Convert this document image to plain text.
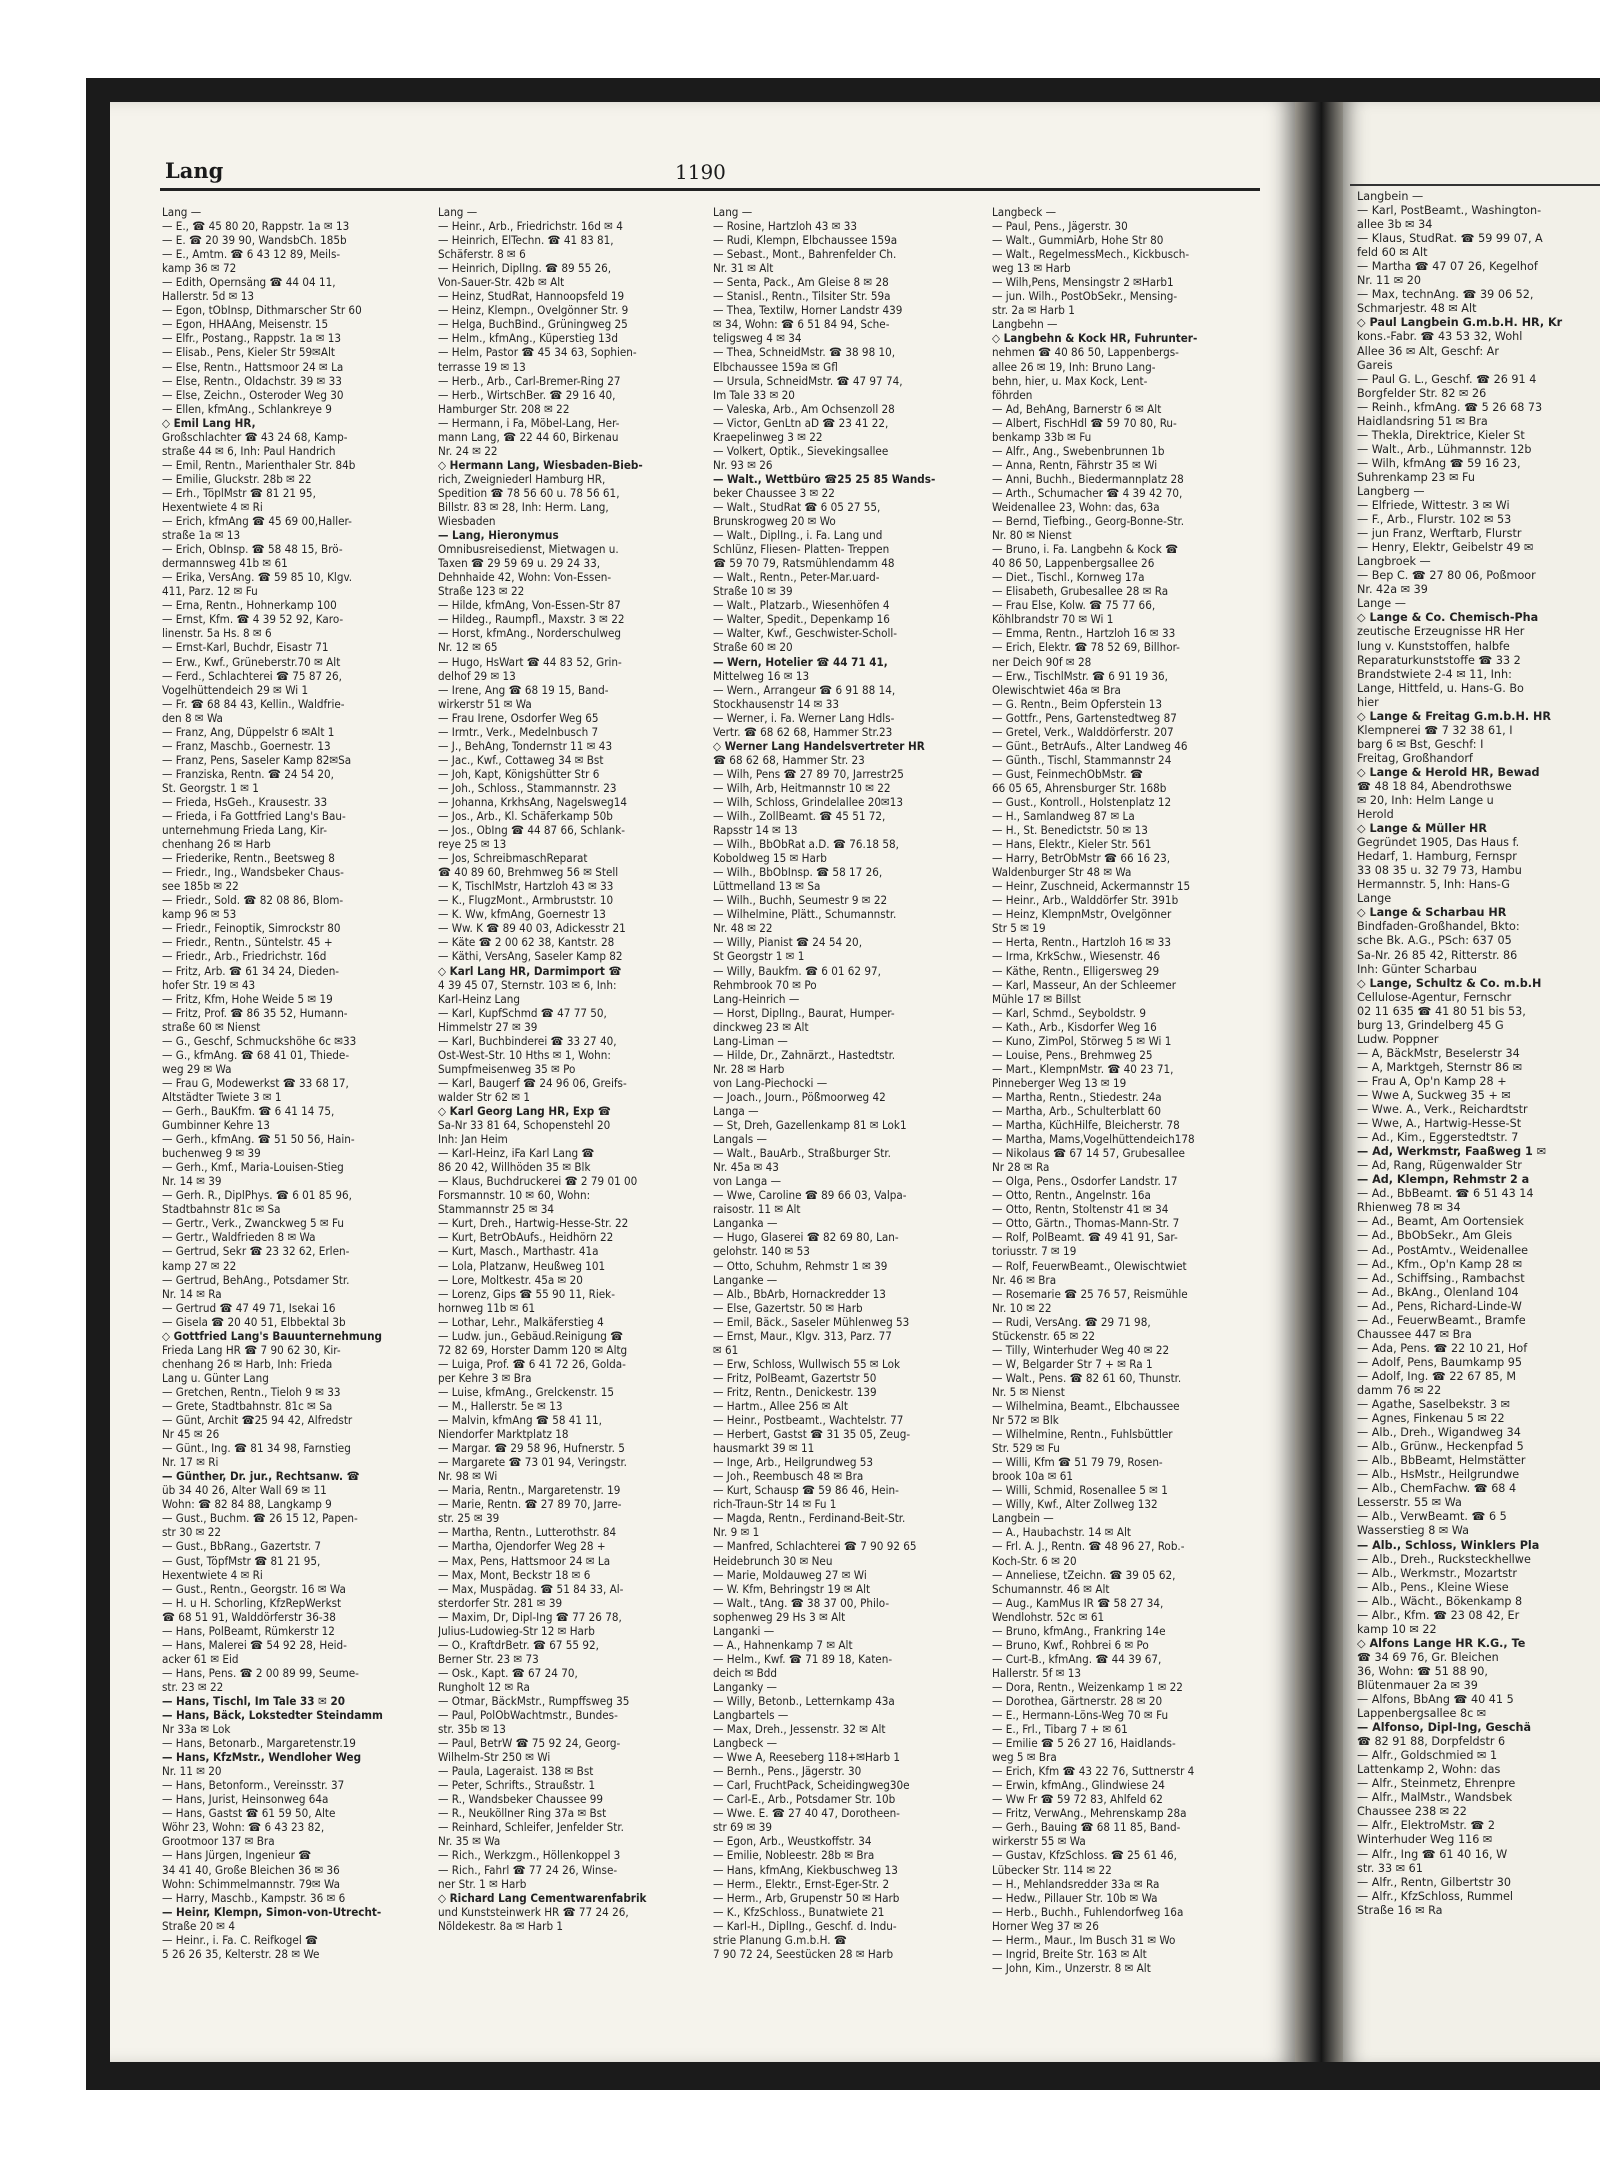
Lang	1190
Lang —
— E., ☎ 45 80 20, Rappstr. 1a ✉ 13
— E. ☎ 20 39 90, WandsbCh. 185b
— E., Amtm. ☎ 6 43 12 89, Meils-
kamp 36 ✉ 72
— Edith, Opernsäng ☎ 44 04 11,
Hallerstr. 5d ✉ 13
— Egon, tObInsp, Dithmarscher Str 60
— Egon, HHAAng, Meisenstr. 15
— Elfr., Postang., Rappstr. 1a ✉ 13
— Elisab., Pens, Kieler Str 59✉Alt
— Else, Rentn., Hattsmoor 24 ✉ La
— Else, Rentn., Oldachstr. 39 ✉ 33
— Else, Zeichn., Osteroder Weg 30
— Ellen, kfmAng., Schlankreye 9
◇ Emil Lang HR,
Großschlachter ☎ 43 24 68, Kamp-
straße 44 ✉ 6, Inh: Paul Handrich
— Emil, Rentn., Marienthaler Str. 84b
— Emilie, Gluckstr. 28b ✉ 22
— Erh., TöplMstr ☎ 81 21 95,
Hexentwiete 4 ✉ Ri
— Erich, kfmAng ☎ 45 69 00,Haller-
straße 1a ✉ 13
— Erich, ObInsp. ☎ 58 48 15, Brö-
dermannsweg 41b ✉ 61
— Erika, VersAng. ☎ 59 85 10, Klgv.
411, Parz. 12 ✉ Fu
— Erna, Rentn., Hohnerkamp 100
— Ernst, Kfm. ☎ 4 39 52 92, Karo-
linenstr. 5a Hs. 8 ✉ 6
— Ernst-Karl, Buchdr, Eisastr 71
— Erw., Kwf., Grüneberstr.70 ✉ Alt
— Ferd., Schlachterei ☎ 75 87 26,
Vogelhüttendeich 29 ✉ Wi 1
— Fr. ☎ 68 84 43, Kellin., Waldfrie-
den 8 ✉ Wa
— Franz, Ang, Düppelstr 6 ✉Alt 1
— Franz, Maschb., Goernestr. 13
— Franz, Pens, Saseler Kamp 82✉Sa
— Franziska, Rentn. ☎ 24 54 20,
St. Georgstr. 1 ✉ 1
— Frieda, HsGeh., Krausestr. 33
— Frieda, i Fa Gottfried Lang's Bau-
unternehmung Frieda Lang, Kir-
chenhang 26 ✉ Harb
— Friederike, Rentn., Beetsweg 8
— Friedr., Ing., Wandsbeker Chaus-
see 185b ✉ 22
— Friedr., Sold. ☎ 82 08 86, Blom-
kamp 96 ✉ 53
— Friedr., Feinoptik, Simrockstr 80
— Friedr., Rentn., Süntelstr. 45 +
— Friedr., Arb., Friedrichstr. 16d
— Fritz, Arb. ☎ 61 34 24, Dieden-
hofer Str. 19 ✉ 43
— Fritz, Kfm, Hohe Weide 5 ✉ 19
— Fritz, Prof. ☎ 86 35 52, Humann-
straße 60 ✉ Nienst
— G., Geschf, Schmuckshöhe 6c ✉33
— G., kfmAng. ☎ 68 41 01, Thiede-
weg 29 ✉ Wa
— Frau G, Modewerkst ☎ 33 68 17,
Altstädter Twiete 3 ✉ 1
— Gerh., BauKfm. ☎ 6 41 14 75,
Gumbinner Kehre 13
— Gerh., kfmAng. ☎ 51 50 56, Hain-
buchenweg 9 ✉ 39
— Gerh., Kmf., Maria-Louisen-Stieg
Nr. 14 ✉ 39
— Gerh. R., DiplPhys. ☎ 6 01 85 96,
Stadtbahnstr 81c ✉ Sa
— Gertr., Verk., Zwanckweg 5 ✉ Fu
— Gertr., Waldfrieden 8 ✉ Wa
— Gertrud, Sekr ☎ 23 32 62, Erlen-
kamp 27 ✉ 22
— Gertrud, BehAng., Potsdamer Str.
Nr. 14 ✉ Ra
— Gertrud ☎ 47 49 71, Isekai 16
— Gisela ☎ 20 40 51, Elbbektal 3b
◇ Gottfried Lang's Bauunternehmung
Frieda Lang HR ☎ 7 90 62 30, Kir-
chenhang 26 ✉ Harb, Inh: Frieda
Lang u. Günter Lang
— Gretchen, Rentn., Tieloh 9 ✉ 33
— Grete, Stadtbahnstr. 81c ✉ Sa
— Günt, Archit ☎25 94 42, Alfredstr
Nr 45 ✉ 26
— Günt., Ing. ☎ 81 34 98, Farnstieg
Nr. 17 ✉ Ri
— Günther, Dr. jur., Rechtsanw. ☎
üb 34 40 26, Alter Wall 69 ✉ 11
Wohn: ☎ 82 84 88, Langkamp 9
— Gust., Buchm. ☎ 26 15 12, Papen-
str 30 ✉ 22
— Gust., BbRang., Gazertstr. 7
— Gust, TöpfMstr ☎ 81 21 95,
Hexentwiete 4 ✉ Ri
— Gust., Rentn., Georgstr. 16 ✉ Wa
— H. u H. Schorling, KfzRepWerkst
☎ 68 51 91, Walddörferstr 36-38
— Hans, PolBeamt, Rümkerstr 12
— Hans, Malerei ☎ 54 92 28, Heid-
acker 61 ✉ Eid
— Hans, Pens. ☎ 2 00 89 99, Seume-
str. 23 ✉ 22
— Hans, Tischl, Im Tale 33 ✉ 20
— Hans, Bäck, Lokstedter Steindamm
Nr 33a ✉ Lok
— Hans, Betonarb., Margaretenstr.19
— Hans, KfzMstr., Wendloher Weg
Nr. 11 ✉ 20
— Hans, Betonform., Vereinsstr. 37
— Hans, Jurist, Heinsonweg 64a
— Hans, Gastst ☎ 61 59 50, Alte
Wöhr 23, Wohn: ☎ 6 43 23 82,
Grootmoor 137 ✉ Bra
— Hans Jürgen, Ingenieur ☎
34 41 40, Große Bleichen 36 ✉ 36
Wohn: Schimmelmannstr. 79✉ Wa
— Harry, Maschb., Kampstr. 36 ✉ 6
— Heinr, Klempn, Simon-von-Utrecht-
Straße 20 ✉ 4
— Heinr., i. Fa. C. Reifkogel ☎
5 26 26 35, Kelterstr. 28 ✉ We
Lang —
— Heinr., Arb., Friedrichstr. 16d ✉ 4
— Heinrich, ElTechn. ☎ 41 83 81,
Schäferstr. 8 ✉ 6
— Heinrich, DiplIng. ☎ 89 55 26,
Von-Sauer-Str. 42b ✉ Alt
— Heinz, StudRat, Hannoopsfeld 19
— Heinz, Klempn., Ovelgönner Str. 9
— Helga, BuchBind., Grüningweg 25
— Helm., kfmAng., Küperstieg 13d
— Helm, Pastor ☎ 45 34 63, Sophien-
terrasse 19 ✉ 13
— Herb., Arb., Carl-Bremer-Ring 27
— Herb., WirtschBer. ☎ 29 16 40,
Hamburger Str. 208 ✉ 22
— Hermann, i Fa, Möbel-Lang, Her-
mann Lang, ☎ 22 44 60, Birkenau
Nr. 24 ✉ 22
◇ Hermann Lang, Wiesbaden-Bieb-
rich, Zweigniederl Hamburg HR,
Spedition ☎ 78 56 60 u. 78 56 61,
Billstr. 83 ✉ 28, Inh: Herm. Lang,
Wiesbaden
— Lang, Hieronymus
Omnibusreisedienst, Mietwagen u.
Taxen ☎ 29 59 69 u. 29 24 33,
Dehnhaide 42, Wohn: Von-Essen-
Straße 123 ✉ 22
— Hilde, kfmAng, Von-Essen-Str 87
— Hildeg., Raumpfl., Maxstr. 3 ✉ 22
— Horst, kfmAng., Norderschulweg
Nr. 12 ✉ 65
— Hugo, HsWart ☎ 44 83 52, Grin-
delhof 29 ✉ 13
— Irene, Ang ☎ 68 19 15, Band-
wirkerstr 51 ✉ Wa
— Frau Irene, Osdorfer Weg 65
— Irmtr., Verk., Medelnbusch 7
— J., BehAng, Tondernstr 11 ✉ 43
— Jac., Kwf., Cottaweg 34 ✉ Bst
— Joh, Kapt, Königshütter Str 6
— Joh., Schloss., Stammannstr. 23
— Johanna, KrkhsAng, Nagelsweg14
— Jos., Arb., Kl. Schäferkamp 50b
— Jos., ObIng ☎ 44 87 66, Schlank-
reye 25 ✉ 13
— Jos, SchreibmaschReparat
☎ 40 89 60, Brehmweg 56 ✉ Stell
— K, TischlMstr, Hartzloh 43 ✉ 33
— K., FlugzMont., Armbruststr. 10
— K. Ww, kfmAng, Goernestr 13
— Ww. K ☎ 89 40 03, Adickesstr 21
— Käte ☎ 2 00 62 38, Kantstr. 28
— Käthi, VersAng, Saseler Kamp 82
◇ Karl Lang HR, Darmimport ☎
4 39 45 07, Sternstr. 103 ✉ 6, Inh:
Karl-Heinz Lang
— Karl, KupfSchmd ☎ 47 77 50,
Himmelstr 27 ✉ 39
— Karl, Buchbinderei ☎ 33 27 40,
Ost-West-Str. 10 Hths ✉ 1, Wohn:
Sumpfmeisenweg 35 ✉ Po
— Karl, Baugerf ☎ 24 96 06, Greifs-
walder Str 62 ✉ 1
◇ Karl Georg Lang HR, Exp ☎
Sa-Nr 33 81 64, Schopenstehl 20
Inh: Jan Heim
— Karl-Heinz, iFa Karl Lang ☎
86 20 42, Willhöden 35 ✉ Blk
— Klaus, Buchdruckerei ☎ 2 79 01 00
Forsmannstr. 10 ✉ 60, Wohn:
Stammannstr 25 ✉ 34
— Kurt, Dreh., Hartwig-Hesse-Str. 22
— Kurt, BetrObAufs., Heidhörn 22
— Kurt, Masch., Marthastr. 41a
— Lola, Platzanw, Heußweg 101
— Lore, Moltkestr. 45a ✉ 20
— Lorenz, Gips ☎ 55 90 11, Riek-
hornweg 11b ✉ 61
— Lothar, Lehr., Malkäferstieg 4
— Ludw. jun., Gebäud.Reinigung ☎
72 82 69, Horster Damm 120 ✉ Altg
— Luiga, Prof. ☎ 6 41 72 26, Golda-
per Kehre 3 ✉ Bra
— Luise, kfmAng., Grelckenstr. 15
— M., Hallerstr. 5e ✉ 13
— Malvin, kfmAng ☎ 58 41 11,
Niendorfer Marktplatz 18
— Margar. ☎ 29 58 96, Hufnerstr. 5
— Margarete ☎ 73 01 94, Veringstr.
Nr. 98 ✉ Wi
— Maria, Rentn., Margaretenstr. 19
— Marie, Rentn. ☎ 27 89 70, Jarre-
str. 25 ✉ 39
— Martha, Rentn., Lutterothstr. 84
— Martha, Ojendorfer Weg 28 +
— Max, Pens, Hattsmoor 24 ✉ La
— Max, Mont, Beckstr 18 ✉ 6
— Max, Muspädag. ☎ 51 84 33, Al-
sterdorfer Str. 281 ✉ 39
— Maxim, Dr, Dipl-Ing ☎ 77 26 78,
Julius-Ludowieg-Str 12 ✉ Harb
— O., KraftdrBetr. ☎ 67 55 92,
Berner Str. 23 ✉ 73
— Osk., Kapt. ☎ 67 24 70,
Rungholt 12 ✉ Ra
— Otmar, BäckMstr., Rumpffsweg 35
— Paul, PolObWachtmstr., Bundes-
str. 35b ✉ 13
— Paul, BetrW ☎ 75 92 24, Georg-
Wilhelm-Str 250 ✉ Wi
— Paula, Lageraist. 138 ✉ Bst
— Peter, Schrifts., Straußstr. 1
— R., Wandsbeker Chaussee 99
— R., Neuköllner Ring 37a ✉ Bst
— Reinhard, Schleifer, Jenfelder Str.
Nr. 35 ✉ Wa
— Rich., Werkzgm., Höllenkoppel 3
— Rich., Fahrl ☎ 77 24 26, Winse-
ner Str. 1 ✉ Harb
◇ Richard Lang Cementwarenfabrik
und Kunststeinwerk HR ☎ 77 24 26,
Nöldekestr. 8a ✉ Harb 1
Lang —
— Rosine, Hartzloh 43 ✉ 33
— Rudi, Klempn, Elbchaussee 159a
— Sebast., Mont., Bahrenfelder Ch.
Nr. 31 ✉ Alt
— Senta, Pack., Am Gleise 8 ✉ 28
— Stanisl., Rentn., Tilsiter Str. 59a
— Thea, Textilw, Horner Landstr 439
✉ 34, Wohn: ☎ 6 51 84 94, Sche-
teligsweg 4 ✉ 34
— Thea, SchneidMstr. ☎ 38 98 10,
Elbchaussee 159a ✉ Gfl
— Ursula, SchneidMstr. ☎ 47 97 74,
Im Tale 33 ✉ 20
— Valeska, Arb., Am Ochsenzoll 28
— Victor, GenLtn aD ☎ 23 41 22,
Kraepelinweg 3 ✉ 22
— Volkert, Optik., Sievekingsallee
Nr. 93 ✉ 26
— Walt., Wettbüro ☎25 25 85 Wands-
beker Chaussee 3 ✉ 22
— Walt., StudRat ☎ 6 05 27 55,
Brunskrogweg 20 ✉ Wo
— Walt., DiplIng., i. Fa. Lang und
Schlünz, Fliesen- Platten- Treppen
☎ 59 70 79, Ratsmühlendamm 48
— Walt., Rentn., Peter-Mar.uard-
Straße 10 ✉ 39
— Walt., Platzarb., Wiesenhöfen 4
— Walter, Spedit., Depenkamp 16
— Walter, Kwf., Geschwister-Scholl-
Straße 60 ✉ 20
— Wern, Hotelier ☎ 44 71 41,
Mittelweg 16 ✉ 13
— Wern., Arrangeur ☎ 6 91 88 14,
Stockhausenstr 14 ✉ 33
— Werner, i. Fa. Werner Lang Hdls-
Vertr. ☎ 68 62 68, Hammer Str.23
◇ Werner Lang Handelsvertreter HR
☎ 68 62 68, Hammer Str. 23
— Wilh, Pens ☎ 27 89 70, Jarrestr25
— Wilh, Arb, Heitmannstr 10 ✉ 22
— Wilh, Schloss, Grindelallee 20✉13
— Wilh., ZollBeamt. ☎ 45 51 72,
Rapsstr 14 ✉ 13
— Wilh., BbObRat a.D. ☎ 76.18 58,
Koboldweg 15 ✉ Harb
— Wilh., BbObInsp. ☎ 58 17 26,
Lüttmelland 13 ✉ Sa
— Wilh., Buchh, Seumestr 9 ✉ 22
— Wilhelmine, Plätt., Schumannstr.
Nr. 48 ✉ 22
— Willy, Pianist ☎ 24 54 20,
St Georgstr 1 ✉ 1
— Willy, Baukfm. ☎ 6 01 62 97,
Rehmbrook 70 ✉ Po
Lang-Heinrich —
— Horst, DiplIng., Baurat, Humper-
dinckweg 23 ✉ Alt
Lang-Liman —
— Hilde, Dr., Zahnärzt., Hastedtstr.
Nr. 28 ✉ Harb
von Lang-Piechocki —
— Joach., Journ., Pößmoorweg 42
Langa —
— St, Dreh, Gazellenkamp 81 ✉ Lok1
Langals —
— Walt., BauArb., Straßburger Str.
Nr. 45a ✉ 43
von Langa —
— Wwe, Caroline ☎ 89 66 03, Valpa-
raisostr. 11 ✉ Alt
Langanka —
— Hugo, Glaserei ☎ 82 69 80, Lan-
gelohstr. 140 ✉ 53
— Otto, Schuhm, Rehmstr 1 ✉ 39
Langanke —
— Alb., BbArb, Hornackredder 13
— Else, Gazertstr. 50 ✉ Harb
— Emil, Bäck., Saseler Mühlenweg 53
— Ernst, Maur., Klgv. 313, Parz. 77
✉ 61
— Erw, Schloss, Wullwisch 55 ✉ Lok
— Fritz, PolBeamt, Gazertstr 50
— Fritz, Rentn., Denickestr. 139
— Hartm., Allee 256 ✉ Alt
— Heinr., Postbeamt., Wachtelstr. 77
— Herbert, Gastst ☎ 31 35 05, Zeug-
hausmarkt 39 ✉ 11
— Inge, Arb., Heilgrundweg 53
— Joh., Reembusch 48 ✉ Bra
— Kurt, Schausp ☎ 59 86 46, Hein-
rich-Traun-Str 14 ✉ Fu 1
— Magda, Rentn., Ferdinand-Beit-Str.
Nr. 9 ✉ 1
— Manfred, Schlachterei ☎ 7 90 92 65
Heidebrunch 30 ✉ Neu
— Marie, Moldauweg 27 ✉ Wi
— W. Kfm, Behringstr 19 ✉ Alt
— Walt., tAng. ☎ 38 37 00, Philo-
sophenweg 29 Hs 3 ✉ Alt
Langanki —
— A., Hahnenkamp 7 ✉ Alt
— Helm., Kwf. ☎ 71 89 18, Katen-
deich ✉ Bdd
Langanky —
— Willy, Betonb., Letternkamp 43a
Langbartels —
— Max, Dreh., Jessenstr. 32 ✉ Alt
Langbeck —
— Wwe A, Reeseberg 118+✉Harb 1
— Bernh., Pens., Jägerstr. 30
— Carl, FruchtPack, Scheidingweg30e
— Carl-E., Arb., Potsdamer Str. 10b
— Wwe. E. ☎ 27 40 47, Dorotheen-
str 69 ✉ 39
— Egon, Arb., Weustkoffstr. 34
— Emilie, Nobleestr. 28b ✉ Bra
— Hans, kfmAng, Kiekbuschweg 13
— Herm., Elektr., Ernst-Eger-Str. 2
— Herm., Arb, Grupenstr 50 ✉ Harb
— K., KfzSchloss., Bunatwiete 21
— Karl-H., DiplIng., Geschf. d. Indu-
strie Planung G.m.b.H. ☎
7 90 72 24, Seestücken 28 ✉ Harb
Langbeck —
— Paul, Pens., Jägerstr. 30
— Walt., GummiArb, Hohe Str 80
— Walt., RegelmessMech., Kickbusch-
weg 13 ✉ Harb
— Wilh,Pens, Mensingstr 2 ✉Harb1
— jun. Wilh., PostObSekr., Mensing-
str. 2a ✉ Harb 1
Langbehn —
◇ Langbehn & Kock HR, Fuhrunter-
nehmen ☎ 40 86 50, Lappenbergs-
allee 26 ✉ 19, Inh: Bruno Lang-
behn, hier, u. Max Kock, Lent-
föhrden
— Ad, BehAng, Barnerstr 6 ✉ Alt
— Albert, FischHdl ☎ 59 70 80, Ru-
benkamp 33b ✉ Fu
— Alfr., Ang., Swebenbrunnen 1b
— Anna, Rentn, Fährstr 35 ✉ Wi
— Anni, Buchh., Biedermannplatz 28
— Arth., Schumacher ☎ 4 39 42 70,
Weidenallee 23, Wohn: das, 63a
— Bernd, Tiefbing., Georg-Bonne-Str.
Nr. 80 ✉ Nienst
— Bruno, i. Fa. Langbehn & Kock ☎
40 86 50, Lappenbergsallee 26
— Diet., Tischl., Kornweg 17a
— Elisabeth, Grubesallee 28 ✉ Ra
— Frau Else, Kolw. ☎ 75 77 66,
Köhlbrandstr 70 ✉ Wi 1
— Emma, Rentn., Hartzloh 16 ✉ 33
— Erich, Elektr. ☎ 78 52 69, Billhor-
ner Deich 90f ✉ 28
— Erw., TischlMstr. ☎ 6 91 19 36,
Olewischtwiet 46a ✉ Bra
— G. Rentn., Beim Opferstein 13
— Gottfr., Pens, Gartenstedtweg 87
— Gretel, Verk., Walddörferstr. 207
— Günt., BetrAufs., Alter Landweg 46
— Günth., Tischl, Stammannstr 24
— Gust, FeinmechObMstr. ☎
66 05 65, Ahrensburger Str. 168b
— Gust., Kontroll., Holstenplatz 12
— H., Samlandweg 87 ✉ La
— H., St. Benedictstr. 50 ✉ 13
— Hans, Elektr., Kieler Str. 561
— Harry, BetrObMstr ☎ 66 16 23,
Waldenburger Str 48 ✉ Wa
— Heinr, Zuschneid, Ackermannstr 15
— Heinr., Arb., Walddörfer Str. 391b
— Heinz, KlempnMstr, Ovelgönner
Str 5 ✉ 19
— Herta, Rentn., Hartzloh 16 ✉ 33
— Irma, KrkSchw., Wiesenstr. 46
— Käthe, Rentn., Elligersweg 29
— Karl, Masseur, An der Schleemer
Mühle 17 ✉ Billst
— Karl, Schmd., Seyboldstr. 9
— Kath., Arb., Kisdorfer Weg 16
— Kuno, ZimPol, Störweg 5 ✉ Wi 1
— Louise, Pens., Brehmweg 25
— Mart., KlempnMstr. ☎ 40 23 71,
Pinneberger Weg 13 ✉ 19
— Martha, Rentn., Stiedestr. 24a
— Martha, Arb., Schulterblatt 60
— Martha, KüchHilfe, Bleicherstr. 78
— Martha, Mams,Vogelhüttendeich178
— Nikolaus ☎ 67 14 57, Grubesallee
Nr 28 ✉ Ra
— Olga, Pens., Osdorfer Landstr. 17
— Otto, Rentn., Angelnstr. 16a
— Otto, Rentn, Stoltenstr 41 ✉ 34
— Otto, Gärtn., Thomas-Mann-Str. 7
— Rolf, PolBeamt. ☎ 49 41 91, Sar-
toriusstr. 7 ✉ 19
— Rolf, FeuerwBeamt., Olewischtwiet
Nr. 46 ✉ Bra
— Rosemarie ☎ 25 76 57, Reismühle
Nr. 10 ✉ 22
— Rudi, VersAng. ☎ 29 71 98,
Stückenstr. 65 ✉ 22
— Tilly, Winterhuder Weg 40 ✉ 22
— W, Belgarder Str 7 + ✉ Ra 1
— Walt., Pens. ☎ 82 61 60, Thunstr.
Nr. 5 ✉ Nienst
— Wilhelmina, Beamt., Elbchaussee
Nr 572 ✉ Blk
— Wilhelmine, Rentn., Fuhlsbüttler
Str. 529 ✉ Fu
— Willi, Kfm ☎ 51 79 79, Rosen-
brook 10a ✉ 61
— Willi, Schmid, Rosenallee 5 ✉ 1
— Willy, Kwf., Alter Zollweg 132
Langbein —
— A., Haubachstr. 14 ✉ Alt
— Frl. A. J., Rentn. ☎ 48 96 27, Rob.-
Koch-Str. 6 ✉ 20
— Anneliese, tZeichn. ☎ 39 05 62,
Schumannstr. 46 ✉ Alt
— Aug., KamMus IR ☎ 58 27 34,
Wendlohstr. 52c ✉ 61
— Bruno, kfmAng., Frankring 14e
— Bruno, Kwf., Rohbrei 6 ✉ Po
— Curt-B., kfmAng. ☎ 44 39 67,
Hallerstr. 5f ✉ 13
— Dora, Rentn., Weizenkamp 1 ✉ 22
— Dorothea, Gärtnerstr. 28 ✉ 20
— E., Hermann-Löns-Weg 70 ✉ Fu
— E., Frl., Tibarg 7 + ✉ 61
— Emilie ☎ 5 26 27 16, Haidlands-
weg 5 ✉ Bra
— Erich, Kfm ☎ 43 22 76, Suttnerstr 4
— Erwin, kfmAng., Glindwiese 24
— Ww Fr ☎ 59 72 83, Ahlfeld 62
— Fritz, VerwAng., Mehrenskamp 28a
— Gerh., Bauing ☎ 68 11 85, Band-
wirkerstr 55 ✉ Wa
— Gustav, KfzSchloss. ☎ 25 61 46,
Lübecker Str. 114 ✉ 22
— H., Mehlandsredder 33a ✉ Ra
— Hedw., Pillauer Str. 10b ✉ Wa
— Herb., Buchh., Fuhlendorfweg 16a
Horner Weg 37 ✉ 26
— Herm., Maur., Im Busch 31 ✉ Wo
— Ingrid, Breite Str. 163 ✉ Alt
— John, Kim., Unzerstr. 8 ✉ Alt
Langbein —
— Karl, PostBeamt., Washington-
allee 3b ✉ 34
— Klaus, StudRat. ☎ 59 99 07, A
feld 60 ✉ Alt
— Martha ☎ 47 07 26, Kegelhof
Nr. 11 ✉ 20
— Max, technAng. ☎ 39 06 52,
Schmarjestr. 48 ✉ Alt
◇ Paul Langbein G.m.b.H. HR, Kr
kons.-Fabr. ☎ 43 53 32, Wohl
Allee 36 ✉ Alt, Geschf: Ar
Gareis
— Paul G. L., Geschf. ☎ 26 91 4
Borgfelder Str. 82 ✉ 26
— Reinh., kfmAng. ☎ 5 26 68 73
Haidlandsring 51 ✉ Bra
— Thekla, Direktrice, Kieler St
— Walt., Arb., Lühmannstr. 12b
— Wilh, kfmAng ☎ 59 16 23,
Suhrenkamp 23 ✉ Fu
Langberg —
— Elfriede, Wittestr. 3 ✉ Wi
— F., Arb., Flurstr. 102 ✉ 53
— jun Franz, Werftarb, Flurstr
— Henry, Elektr, Geibelstr 49 ✉
Langbroek —
— Bep C. ☎ 27 80 06, Poßmoor
Nr. 42a ✉ 39
Lange —
◇ Lange & Co. Chemisch-Pha
zeutische Erzeugnisse HR Her
lung v. Kunststoffen, halbfe
Reparaturkunststoffe ☎ 33 2
Brandstwiete 2-4 ✉ 11, Inh:
Lange, Hittfeld, u. Hans-G. Bo
hier
◇ Lange & Freitag G.m.b.H. HR
Klempnerei ☎ 7 32 38 61, I
barg 6 ✉ Bst, Geschf: I
Freitag, Großhandorf
◇ Lange & Herold HR, Bewad
☎ 48 18 84, Abendrothswe
✉ 20, Inh: Helm Lange u
Herold
◇ Lange & Müller HR
Gegründet 1905, Das Haus f.
Hedarf, 1. Hamburg, Fernspr
33 08 35 u. 32 79 73, Hambu
Hermannstr. 5, Inh: Hans-G
Lange
◇ Lange & Scharbau HR
Bindfaden-Großhandel, Bkto:
sche Bk. A.G., PSch: 637 05
Sa-Nr. 26 85 42, Ritterstr. 86
Inh: Günter Scharbau
◇ Lange, Schultz & Co. m.b.H
Cellulose-Agentur, Fernschr
02 11 635 ☎ 41 80 51 bis 53,
burg 13, Grindelberg 45 G
Ludw. Poppner
— A, BäckMstr, Beselerstr 34
— A, Marktgeh, Sternstr 86 ✉
— Frau A, Op'n Kamp 28 +
— Wwe A, Suckweg 35 + ✉
— Wwe. A., Verk., Reichardtstr
— Wwe, A., Hartwig-Hesse-St
— Ad., Kim., Eggerstedtstr. 7
— Ad, Werkmstr, Faaßweg 1 ✉
— Ad, Rang, Rügenwalder Str
— Ad, Klempn, Rehmstr 2 a
— Ad., BbBeamt. ☎ 6 51 43 14
Rhienweg 78 ✉ 34
— Ad., Beamt, Am Oortensiek
— Ad., BbObSekr., Am Gleis
— Ad., PostAmtv., Weidenallee
— Ad., Kfm., Op'n Kamp 28 ✉
— Ad., Schiffsing., Rambachst
— Ad., BkAng., Olenland 104
— Ad., Pens, Richard-Linde-W
— Ad., FeuerwBeamt., Bramfe
Chaussee 447 ✉ Bra
— Ada, Pens. ☎ 22 10 21, Hof
— Adolf, Pens, Baumkamp 95
— Adolf, Ing. ☎ 22 67 85, M
damm 76 ✉ 22
— Agathe, Saselbekstr. 3 ✉
— Agnes, Finkenau 5 ✉ 22
— Alb., Dreh., Wigandweg 34
— Alb., Grünw., Heckenpfad 5
— Alb., BbBeamt, Helmstätter
— Alb., HsMstr., Heilgrundwe
— Alb., ChemFachw. ☎ 68 4
Lesserstr. 55 ✉ Wa
— Alb., VerwBeamt. ☎ 6 5
Wasserstieg 8 ✉ Wa
— Alb., Schloss, Winklers Pla
— Alb., Dreh., Rucksteckhellwe
— Alb., Werkmstr., Mozartstr
— Alb., Pens., Kleine Wiese
— Alb., Wächt., Bökenkamp 8
— Albr., Kfm. ☎ 23 08 42, Er
kamp 10 ✉ 22
◇ Alfons Lange HR K.G., Te
☎ 34 69 76, Gr. Bleichen
36, Wohn: ☎ 51 88 90,
Blütenmauer 2a ✉ 39
— Alfons, BbAng ☎ 40 41 5
Lappenbergsallee 8c ✉
— Alfonso, Dipl-Ing, Geschä
☎ 82 91 88, Dorpfeldstr 6
— Alfr., Goldschmied ✉ 1
Lattenkamp 2, Wohn: das
— Alfr., Steinmetz, Ehrenpre
— Alfr., MalMstr., Wandsbek
Chaussee 238 ✉ 22
— Alfr., ElektroMstr. ☎ 2
Winterhuder Weg 116 ✉
— Alfr., Ing ☎ 61 40 16, W
str. 33 ✉ 61
— Alfr., Rentn, Gilbertstr 30
— Alfr., KfzSchloss, Rummel
Straße 16 ✉ Ra
